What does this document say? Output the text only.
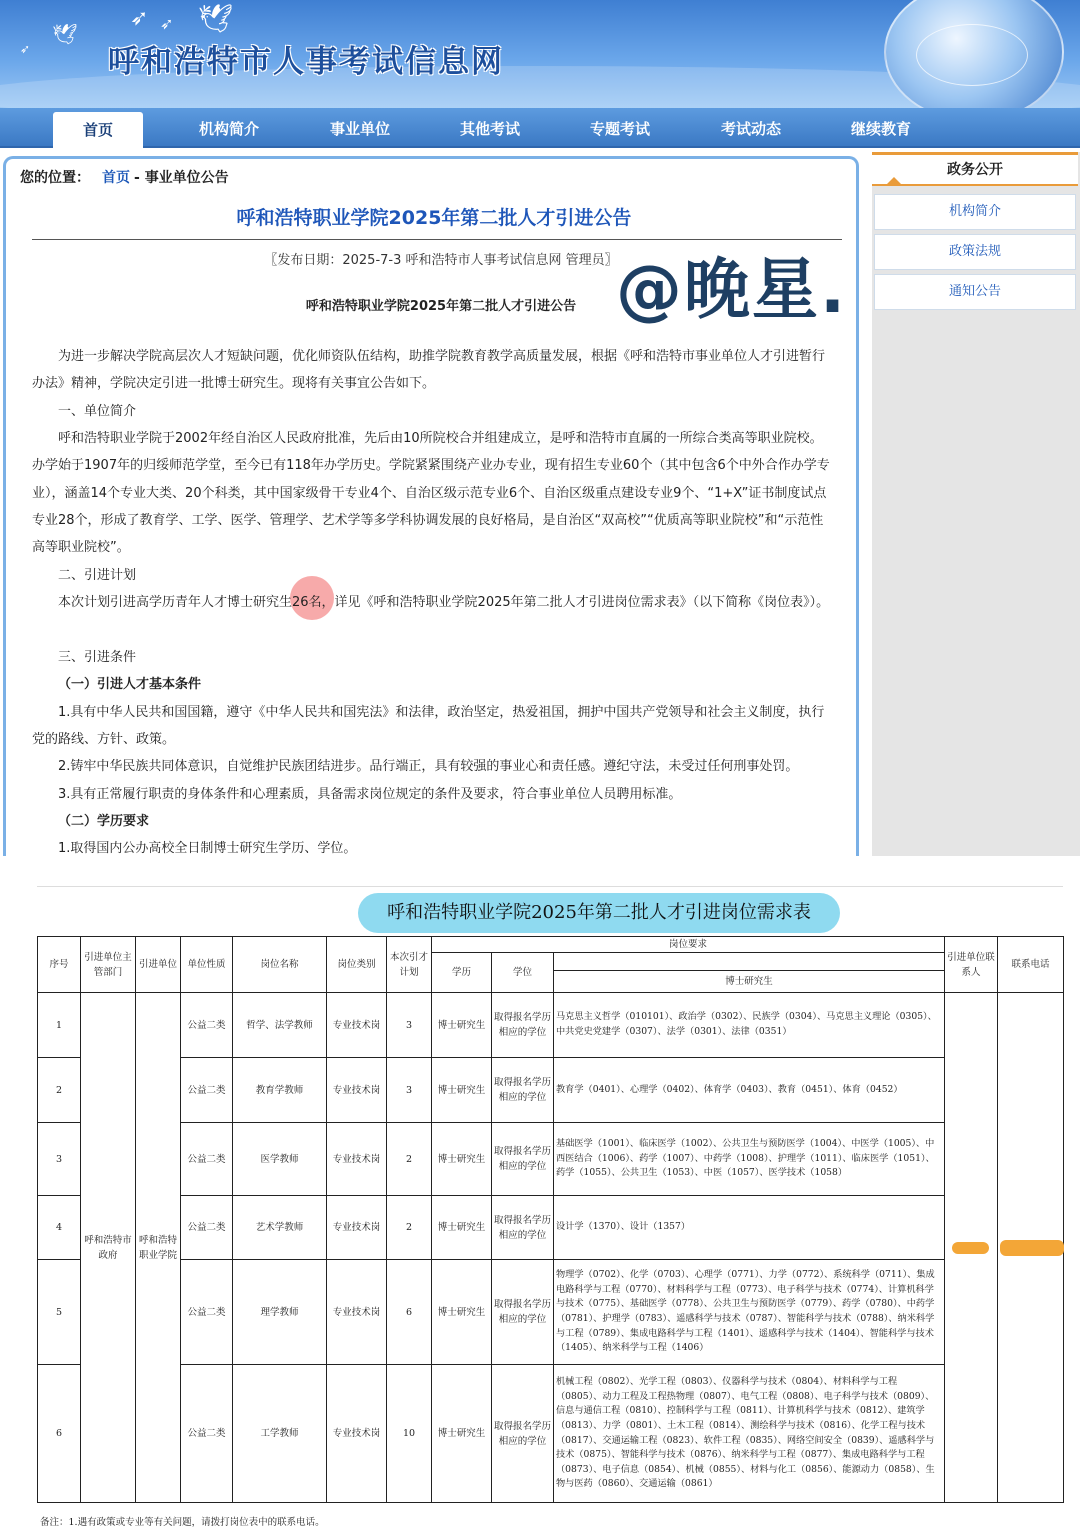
➶ ➶ 🕊
🕊
➶	呼和浩特市人事考试信息网
首页	机构简介	事业单位	其他考试	专题考试	考试动态	继续教育
您的位置： 首页 - 事业单位公告
呼和浩特职业学院2025年第二批人才引进公告
〖发布日期：2025-7-3 呼和浩特市人事考试信息网 管理员〗
呼和浩特职业学院2025年第二批人才引进公告
为进一步解决学院高层次人才短缺问题，优化师资队伍结构，助推学院教育教学高质量发展，根据《呼和浩特市事业单位人才引进暂行办法》精神，学院决定引进一批博士研究生。现将有关事宜公告如下。
一、单位简介
呼和浩特职业学院于2002年经自治区人民政府批准，先后由10所院校合并组建成立，是呼和浩特市直属的一所综合类高等职业院校。办学始于1907年的归绥师范学堂，至今已有118年办学历史。学院紧紧围绕产业办专业，现有招生专业60个（其中包含6个中外合作办学专业），涵盖14个专业大类、20个科类，其中国家级骨干专业4个、自治区级示范专业6个、自治区级重点建设专业9个、“1+X”证书制度试点专业28个，形成了教育学、工学、医学、管理学、艺术学等多学科协调发展的良好格局，是自治区“双高校”“优质高等职业院校”和“示范性高等职业院校”。
二、引进计划
本次计划引进高学历青年人才博士研究生26名，详见《呼和浩特职业学院2025年第二批人才引进岗位需求表》（以下简称《岗位表》）。
三、引进条件
（一）引进人才基本条件
1.具有中华人民共和国国籍，遵守《中华人民共和国宪法》和法律，政治坚定，热爱祖国，拥护中国共产党领导和社会主义制度，执行党的路线、方针、政策。
2.铸牢中华民族共同体意识，自觉维护民族团结进步。品行端正，具有较强的事业心和责任感。遵纪守法，未受过任何刑事处罚。
3.具有正常履行职责的身体条件和心理素质，具备需求岗位规定的条件及要求，符合事业单位人员聘用标准。
（二）学历要求
1.取得国内公办高校全日制博士研究生学历、学位。
政务公开
机构简介
政策法规
通知公告
@晚星.
呼和浩特职业学院2025年第二批人才引进岗位需求表
序号	引进单位主管部门	引进单位	单位性质	岗位名称	岗位类别	本次引才计划	岗位要求			引进单位联系人	联系电话
							学历	学位			
									博士研究生		
1	呼和浩特市政府	呼和浩特职业学院	公益二类	哲学、法学教师	专业技术岗	3	博士研究生	取得报名学历相应的学位	马克思主义哲学（010101）、政治学（0302）、民族学（0304）、马克思主义理论（0305）、中共党史党建学（0307）、法学（0301）、法律（0351）		
2			公益二类	教育学教师	专业技术岗	3	博士研究生	取得报名学历相应的学位	教育学（0401）、心理学（0402）、体育学（0403）、教育（0451）、体育（0452）		
3			公益二类	医学教师	专业技术岗	2	博士研究生	取得报名学历相应的学位	基础医学（1001）、临床医学（1002）、公共卫生与预防医学（1004）、中医学（1005）、中西医结合（1006）、药学（1007）、中药学（1008）、护理学（1011）、临床医学（1051）、药学（1055）、公共卫生（1053）、中医（1057）、医学技术（1058）		
4			公益二类	艺术学教师	专业技术岗	2	博士研究生	取得报名学历相应的学位	设计学（1370）、设计（1357）		
5			公益二类	理学教师	专业技术岗	6	博士研究生	取得报名学历相应的学位	物理学（0702）、化学（0703）、心理学（0771）、力学（0772）、系统科学（0711）、集成电路科学与工程（0770）、材料科学与工程（0773）、电子科学与技术（0774）、计算机科学与技术（0775）、基础医学（0778）、公共卫生与预防医学（0779）、药学（0780）、中药学（0781）、护理学（0783）、遥感科学与技术（0787）、智能科学与技术（0788）、纳米科学与工程（0789）、集成电路科学与工程（1401）、遥感科学与技术（1404）、智能科学与技术（1405）、纳米科学与工程（1406）		
6			公益二类	工学教师	专业技术岗	10	博士研究生	取得报名学历相应的学位	机械工程（0802）、光学工程（0803）、仪器科学与技术（0804）、材料科学与工程（0805）、动力工程及工程热物理（0807）、电气工程（0808）、电子科学与技术（0809）、信息与通信工程（0810）、控制科学与工程（0811）、计算机科学与技术（0812）、建筑学（0813）、力学（0801）、土木工程（0814）、测绘科学与技术（0816）、化学工程与技术（0817）、交通运输工程（0823）、软件工程（0835）、网络空间安全（0839）、遥感科学与技术（0875）、智能科学与技术（0876）、纳米科学与工程（0877）、集成电路科学与工程（0873）、电子信息（0854）、机械（0855）、材料与化工（0856）、能源动力（0858）、生物与医药（0860）、交通运输（0861）		
备注：1.遇有政策或专业等有关问题，请拨打岗位表中的联系电话。
